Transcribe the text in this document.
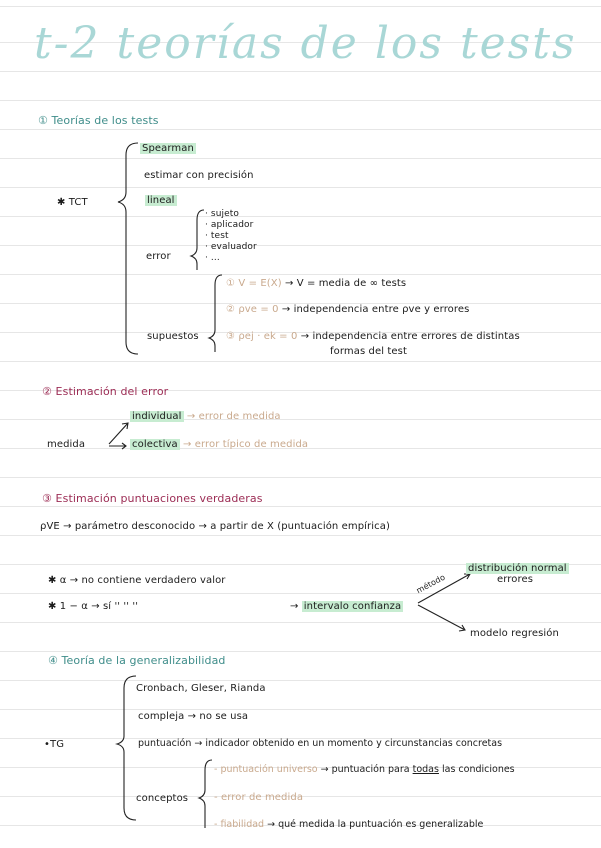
t-2 teorías de los tests
① Teorías de los tests
✱ TCT
Spearman
estimar con precisión
lineal
error
· sujeto
· aplicador
· test
· evaluador
· ...
supuestos
① V = E(X) → V = media de ∞ tests
② ρve = 0 → independencia entre ρve y errores
③ ρej · ek = 0 → independencia entre errores de distintas
formas del test
② Estimación del error
medida
individual → error de medida
colectiva → error típico de medida
③ Estimación puntuaciones verdaderas
ρVE → parámetro desconocido → a partir de X (puntuación empírica)
✱ α → no contiene verdadero valor
✱ 1 − α → sí '' '' ''	→ intervalo confianza
método
distribución normal
errores
modelo regresión
④ Teoría de la generalizabilidad
•TG
Cronbach, Gleser, Rianda
compleja → no se usa
puntuación → indicador obtenido en un momento y circunstancias concretas
conceptos
- puntuación universo → puntuación para todas las condiciones
- error de medida
- fiabilidad → qué medida la puntuación es generalizable
